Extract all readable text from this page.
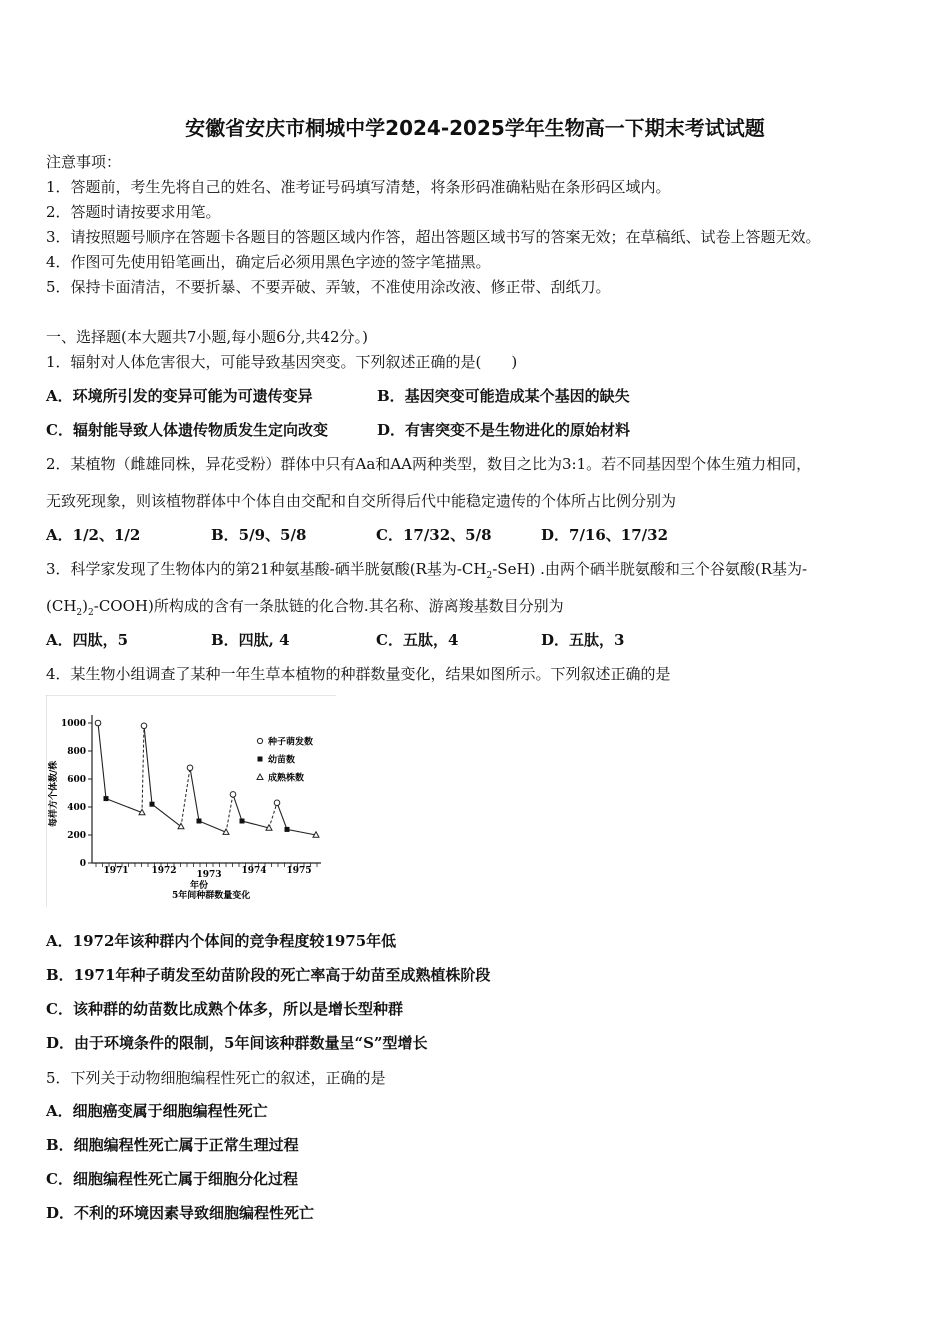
安徽省安庆市桐城中学2024-2025学年生物高一下期末考试试题
注意事项：
1．答题前，考生先将自己的姓名、准考证号码填写清楚，将条形码准确粘贴在条形码区域内。
2．答题时请按要求用笔。
3．请按照题号顺序在答题卡各题目的答题区域内作答，超出答题区域书写的答案无效；在草稿纸、试卷上答题无效。
4．作图可先使用铅笔画出，确定后必须用黑色字迹的签字笔描黑。
5．保持卡面清洁，不要折暴、不要弄破、弄皱，不准使用涂改液、修正带、刮纸刀。
一、选择题(本大题共7小题,每小题6分,共42分。)
1．辐射对人体危害很大，可能导致基因突变。下列叙述正确的是(　　)
A．环境所引发的变异可能为可遗传变异	B．基因突变可能造成某个基因的缺失
C．辐射能导致人体遗传物质发生定向改变	D．有害突变不是生物进化的原始材料
2．某植物（雌雄同株，异花受粉）群体中只有Aa和AA两种类型，数目之比为3:1。若不同基因型个体生殖力相同，
无致死现象，则该植物群体中个体自由交配和自交所得后代中能稳定遗传的个体所占比例分别为
A．1/2、1/2	B．5/9、5/8	C．17/32、5/8	D．7/16、17/32
3．科学家发现了生物体内的第21种氨基酸-硒半胱氨酸(R基为$-CH_2-SeH$) .由两个硒半胱氨酸和三个谷氨酸(R基为-
$(CH_2)_2-COOH$)所构成的含有一条肽链的化合物.其名称、游离羧基数目分别为
A．四肽，5	B．四肽, 4	C．五肽，4	D．五肽，3
4．某生物小组调查了某种一年生草本植物的种群数量变化，结果如图所示。下列叙述正确的是
0
200
400
600
800
1000
1971	1972 1973 1974 1975
种子萌发数
幼苗数
成熟株数
每样方个体数/株
年份
5年间种群数量变化
A．1972年该种群内个体间的竞争程度较1975年低
B．1971年种子萌发至幼苗阶段的死亡率高于幼苗至成熟植株阶段
C．该种群的幼苗数比成熟个体多，所以是增长型种群
D．由于环境条件的限制，5年间该种群数量呈“S”型增长
5．下列关于动物细胞编程性死亡的叙述，正确的是
A．细胞癌变属于细胞编程性死亡
B．细胞编程性死亡属于正常生理过程
C．细胞编程性死亡属于细胞分化过程
D．不利的环境因素导致细胞编程性死亡
